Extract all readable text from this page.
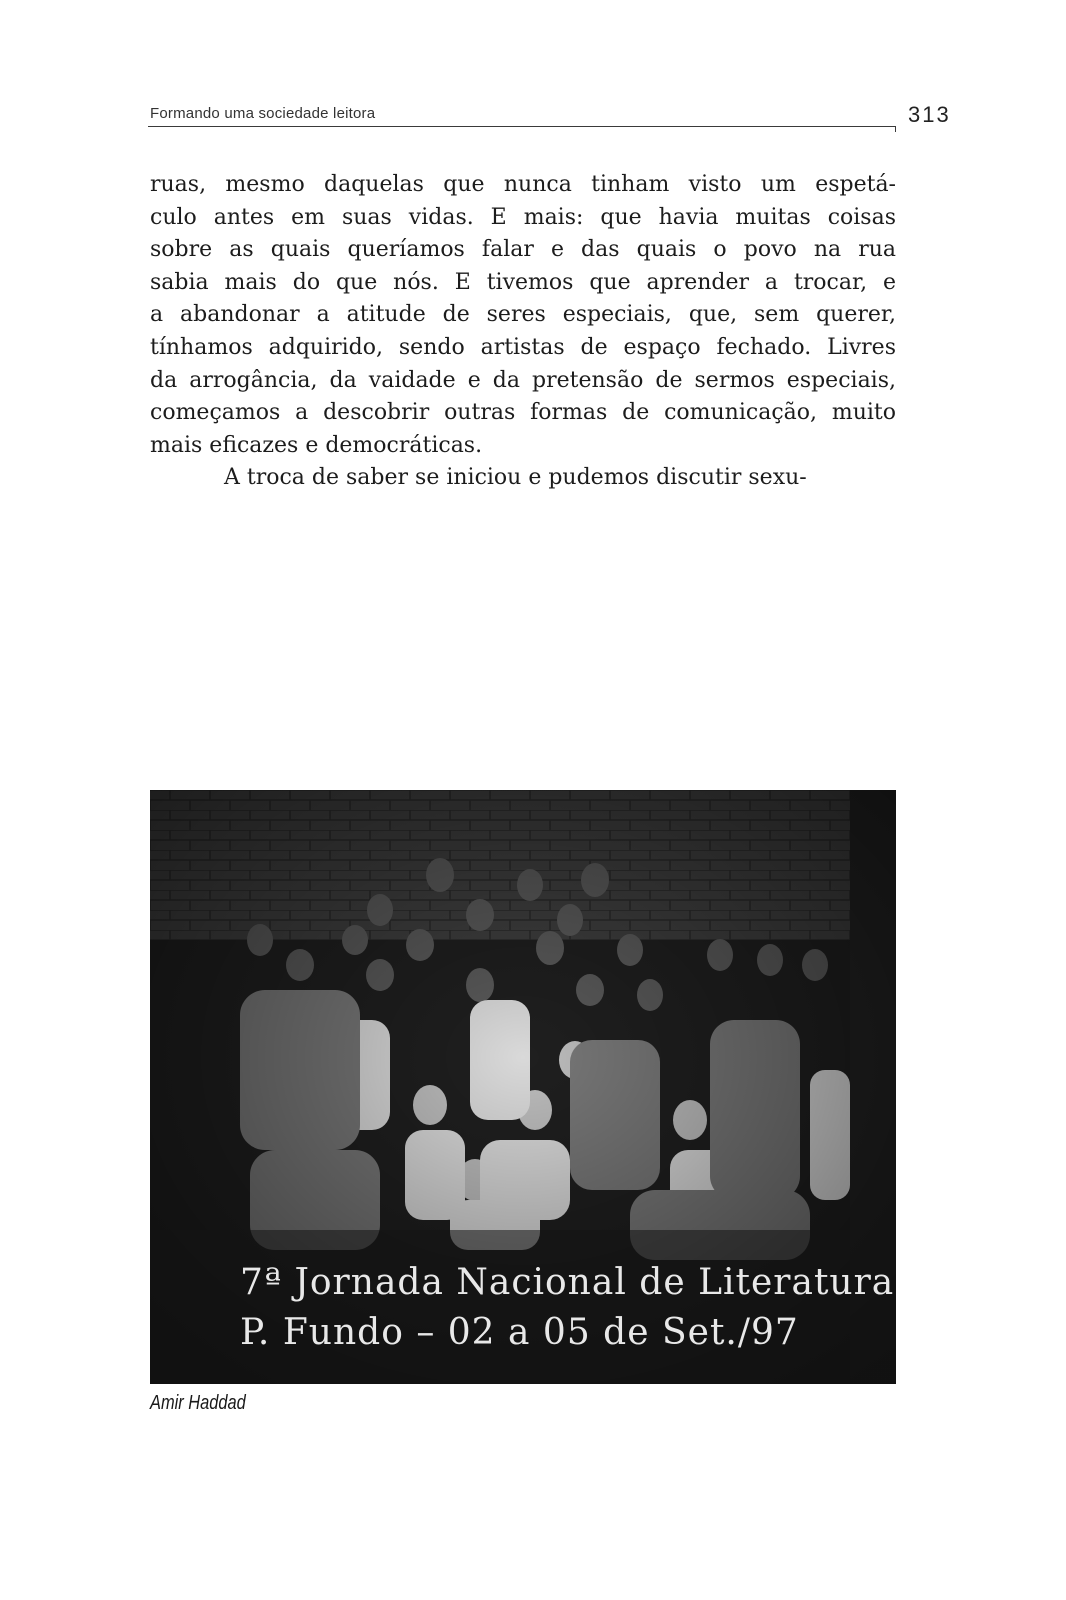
Formando uma sociedade leitora	313
ruas, mesmo daquelas que nunca tinham visto um espetá-
culo antes em suas vidas. E mais: que havia muitas coisas
sobre as quais queríamos falar e das quais o povo na rua
sabia mais do que nós. E tivemos que aprender a trocar, e
a abandonar a atitude de seres especiais, que, sem querer,
tínhamos adquirido, sendo artistas de espaço fechado. Livres
da arrogância, da vaidade e da pretensão de sermos especiais,
começamos a descobrir outras formas de comunicação, muito
mais eficazes e democráticas.
A troca de saber se iniciou e pudemos discutir sexu-
7ª Jornada Nacional de Literatura
P. Fundo – 02 a 05 de Set./97
Amir Haddad
